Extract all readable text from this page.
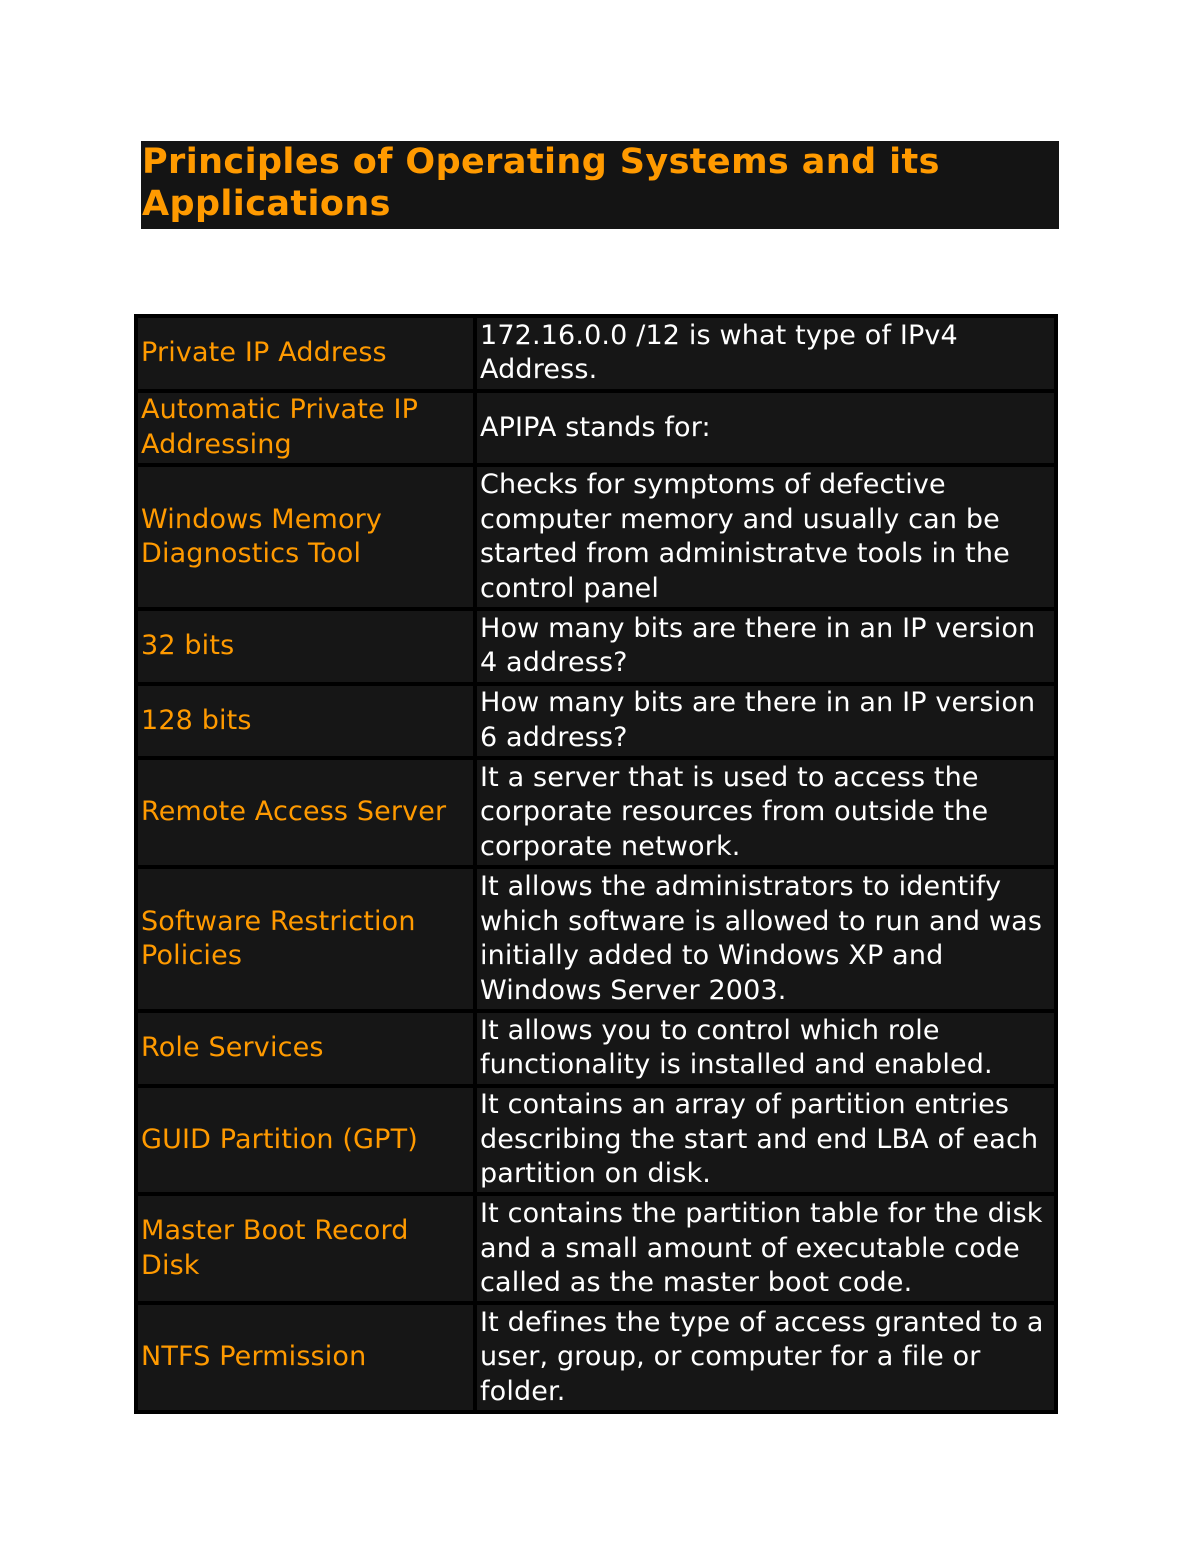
Principles of Operating Systems and its Applications
Private IP Address	172.16.0.0 /12 is what type of IPv4 Address.
Automatic Private IP
Addressing	APIPA stands for:
Windows Memory
Diagnostics Tool	Checks for symptoms of defective computer memory and usually can be started from administratve tools in the control panel
32 bits	How many bits are there in an IP version 4 address?
128 bits	How many bits are there in an IP version 6 address?
Remote Access Server	It a server that is used to access the corporate resources from outside the corporate network.
Software Restriction
Policies	It allows the administrators to identify which software is allowed to run and was initially added to Windows XP and Windows Server 2003.
Role Services	It allows you to control which role functionality is installed and enabled.
GUID Partition (GPT)	It contains an array of partition entries describing the start and end LBA of each partition on disk.
Master Boot Record
Disk	It contains the partition table for the disk and a small amount of executable code called as the master boot code.
NTFS Permission	It defines the type of access granted to a user, group, or computer for a file or folder.
